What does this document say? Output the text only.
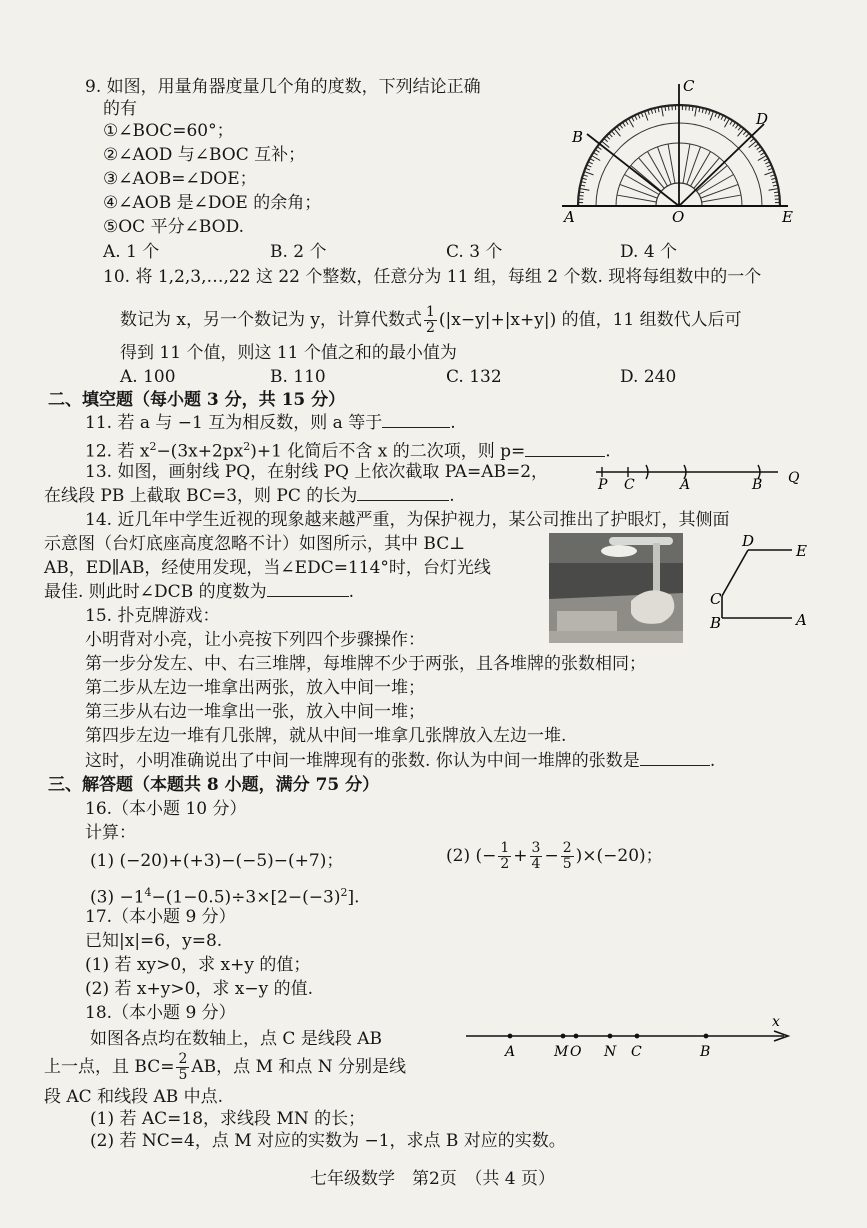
9. 如图，用量角器度量几个角的度数，下列结论正确
的有
①∠BOC=60°；
②∠AOD 与∠BOC 互补；
③∠AOB=∠DOE；
④∠AOB 是∠DOE 的余角；
⑤OC 平分∠BOD.
A. 1 个	B. 2 个	C. 3 个	D. 4 个
A
B
C
D
O	E
10. 将 1,2,3,…,22 这 22 个整数，任意分为 11 组，每组 2 个数. 现将每组数中的一个
数记为 x，另一个数记为 y，计算代数式 $\frac{1}{2} (|x-y|+|x+y|)$ 的值，11 组数代人后可
得到 11 个值，则这 11 个值之和的最小值为
A. 100	B. 110	C. 132	D. 240
二、填空题（每小题 3 分，共 15 分）
11. 若 a 与 −1 互为相反数，则 a 等于	.
12. 若 $x^2-(3x+2px^2)+1$ 化简后不含 x 的二次项，则 p=	.
13. 如图，画射线 PQ，在射线 PQ 上依次截取 PA=AB=2，
在线段 PB 上截取 BC=3，则 PC 的长为	.
P C	A	B Q
14. 近几年中学生近视的现象越来越严重，为保护视力，某公司推出了护眼灯，其侧面
示意图（台灯底座高度忽略不计）如图所示，其中 BC⊥
AB，ED∥AB，经使用发现，当∠EDC=114°时，台灯光线
最佳. 则此时∠DCB 的度数为	.
D
E
C
B	A
15. 扑克牌游戏：
小明背对小亮，让小亮按下列四个步骤操作：
第一步分发左、中、右三堆牌，每堆牌不少于两张，且各堆牌的张数相同；
第二步从左边一堆拿出两张，放入中间一堆；
第三步从右边一堆拿出一张，放入中间一堆；
第四步左边一堆有几张牌，就从中间一堆拿几张牌放入左边一堆.
这时，小明准确说出了中间一堆牌现有的张数. 你认为中间一堆牌的张数是	.
三、解答题（本题共 8 小题，满分 75 分）
16.（本小题 10 分）
计算：
(1) (−20)+(+3)−(−5)−(+7)；	(2) (− $\frac{1}{2} + \frac{3}{4} - \frac{2}{5} )\times(-20)$；
$(3) -1^4-(1-0.5)\div 3\times[2-(-3)^2]$.
17.（本小题 9 分）
已知|x|=6，y=8.
(1) 若 xy>0，求 x+y 的值；
(2) 若 x+y>0，求 x−y 的值.
18.（本小题 9 分）
如图各点均在数轴上，点 C 是线段 AB
上一点，且 $BC= \frac{2}{5}$ AB，点 M 和点 N 分别是线
段 AC 和线段 AB 中点.
(1) 若 AC=18，求线段 MN 的长；
(2) 若 NC=4，点 M 对应的实数为 −1，求点 B 对应的实数。
x
A	M O N C	B
七年级数学　第2页　（共 4 页）
